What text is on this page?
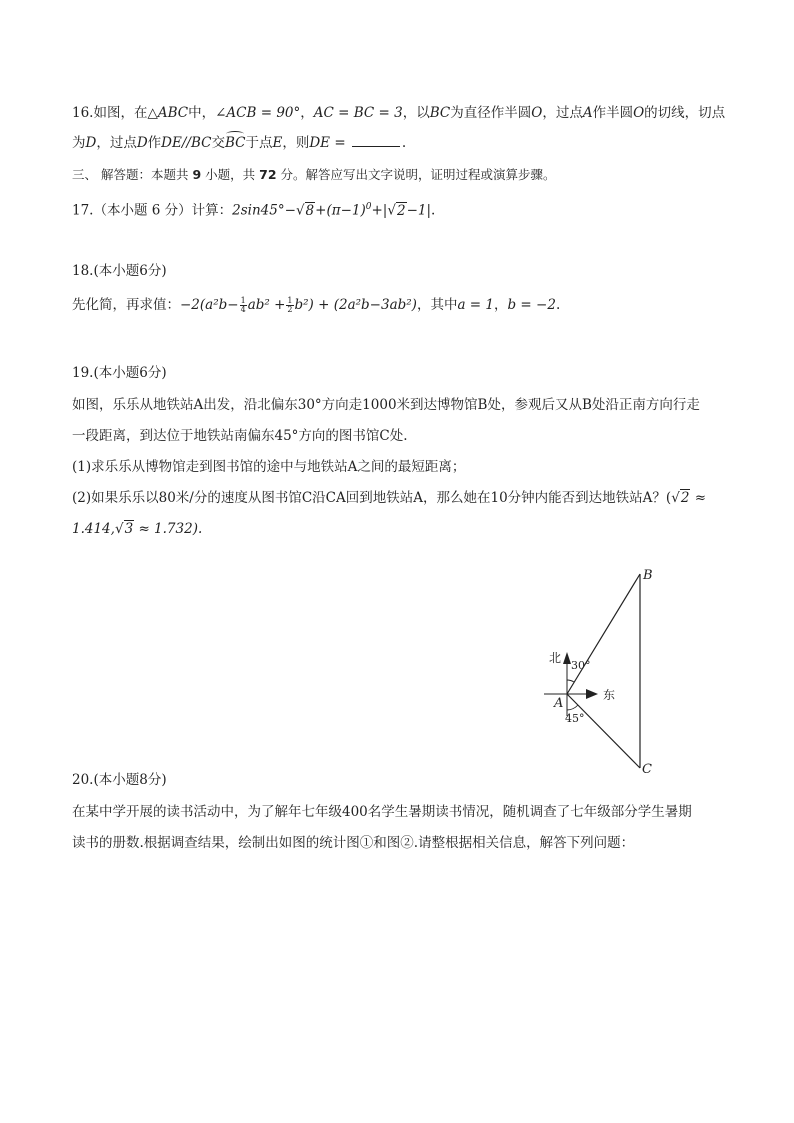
16.如图，在△ABC中，∠ACB = 90°，AC = BC = 3，以BC为直径作半圆O，过点A作半圆O的切线，切点
为D，过点D作DE//BC交BC于点E，则DE =	.
三、 解答题：本题共 9 小题，共 72 分。解答应写出文字说明，证明过程或演算步骤。
17.（本小题 6 分）计算：$2\sin 45^\circ-√8+(\pi-1)^0+|√2-1|$.
18.(本小题6分)
先化简，再求值：$-2(a^2b- \frac{1}{4} ab^2 + \frac{1}{2} b^2) + (2a^2b-3ab^2)$，其中a = 1，b = −2.
19.(本小题6分)
如图，乐乐从地铁站A出发，沿北偏东30°方向走1000米到达博物馆B处，参观后又从B处沿正南方向行走
一段距离，到达位于地铁站南偏东45°方向的图书馆C处.
(1)求乐乐从博物馆走到图书馆的途中与地铁站A之间的最短距离；
(2)如果乐乐以80米/分的速度从图书馆C沿CA回到地铁站A，那么她在10分钟内能否到达地铁站A？(√2 ≈
1.414,√3 ≈ 1.732).
B
C
A
北
东
30°
45°
20.(本小题8分)
在某中学开展的读书活动中，为了解年七年级400名学生暑期读书情况，随机调查了七年级部分学生暑期
读书的册数.根据调查结果，绘制出如图的统计图①和图②.请整根据相关信息，解答下列问题：
